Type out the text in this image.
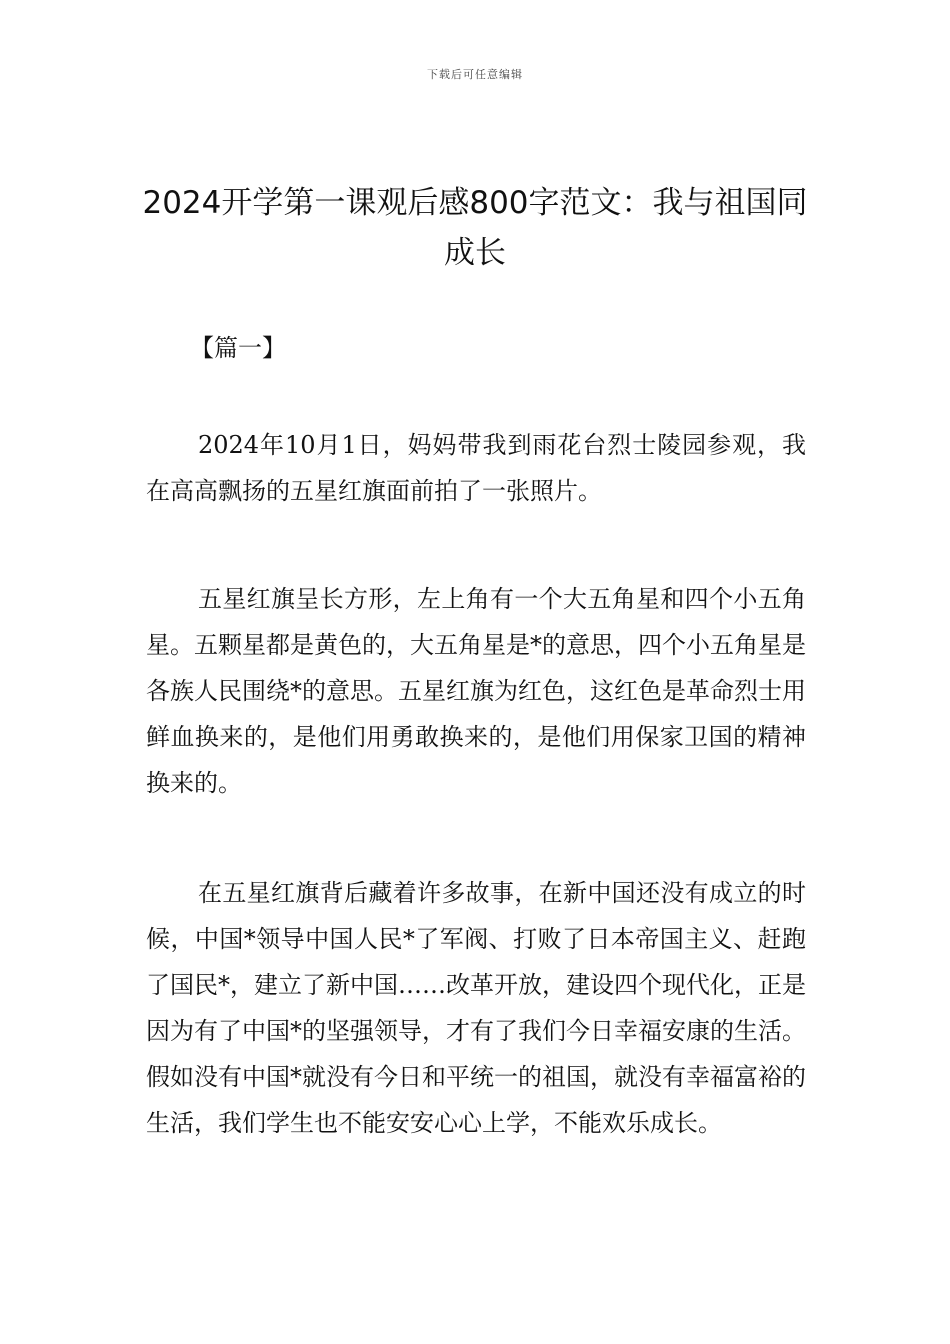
下载后可任意编辑
2024开学第一课观后感800字范文：我与祖国同成长
【篇一】

2024年10月1日，妈妈带我到雨花台烈士陵园参观，我在高高飘扬的五星红旗面前拍了一张照片。

五星红旗呈长方形，左上角有一个大五角星和四个小五角星。五颗星都是黄色的，大五角星是*的意思，四个小五角星是各族人民围绕*的意思。五星红旗为红色，这红色是革命烈士用鲜血换来的，是他们用勇敢换来的，是他们用保家卫国的精神换来的。

在五星红旗背后藏着许多故事，在新中国还没有成立的时候，中国*领导中国人民*了军阀、打败了日本帝国主义、赶跑了国民*，建立了新中国……改革开放，建设四个现代化，正是因为有了中国*的坚强领导，才有了我们今日幸福安康的生活。假如没有中国*就没有今日和平统一的祖国，就没有幸福富裕的生活，我们学生也不能安安心心上学，不能欢乐成长。
